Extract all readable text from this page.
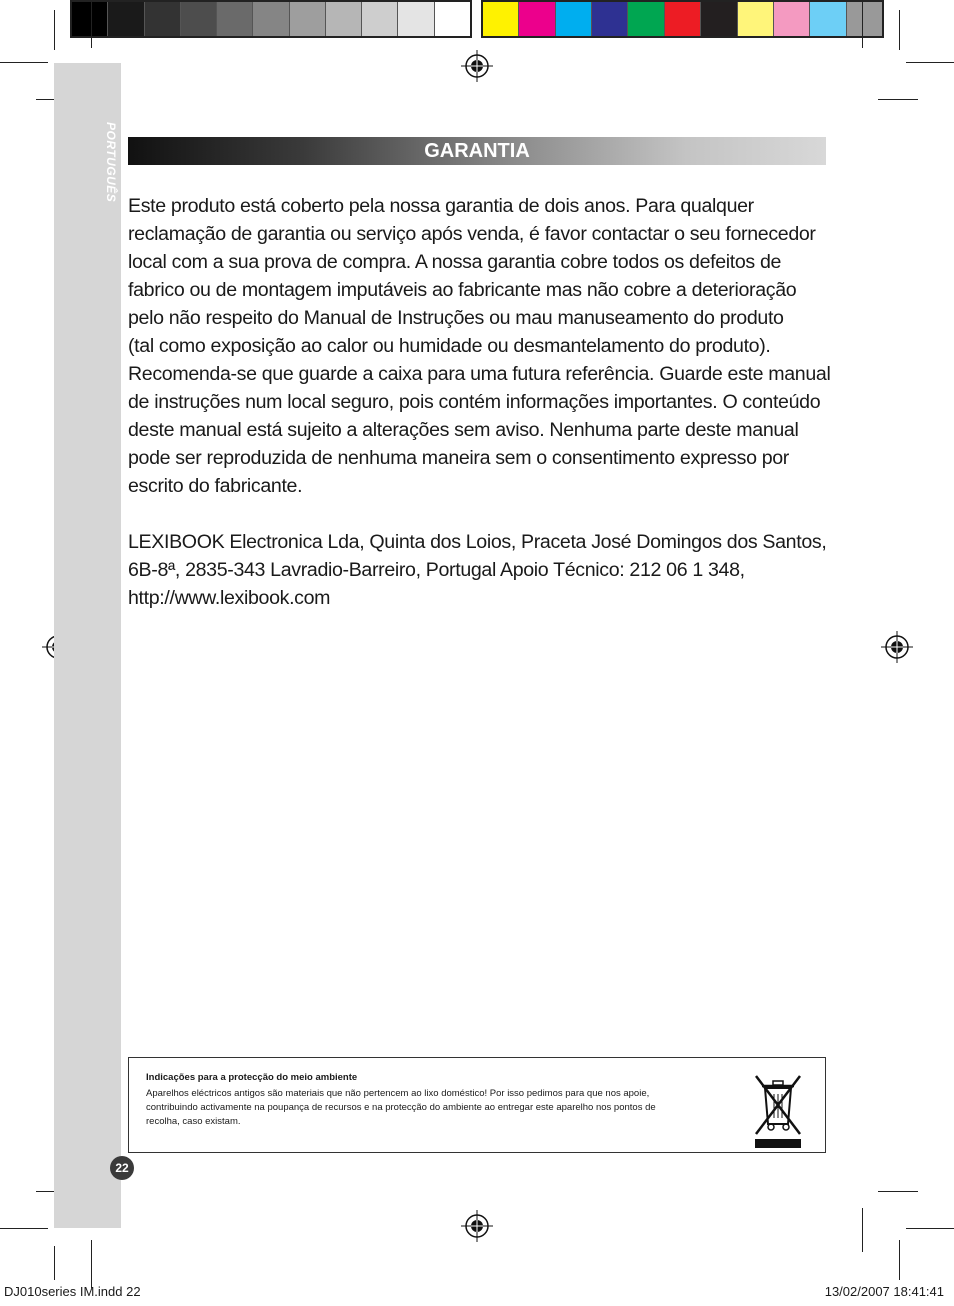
PORTUGUÊS	GARANTIA

Este produto está coberto pela nossa garantia de dois anos. Para qualquer
reclamação de garantia ou serviço após venda, é favor contactar o seu fornecedor
local com a sua prova de compra. A nossa garantia cobre todos os defeitos de
fabrico ou de montagem imputáveis ao fabricante mas não cobre a deterioração
pelo não respeito do Manual de Instruções ou mau manuseamento do produto
(tal como exposição ao calor ou humidade ou desmantelamento do produto).
Recomenda-se que guarde a caixa para uma futura referência. Guarde este manual
de instruções num local seguro, pois contém informações importantes. O conteúdo
deste manual está sujeito a alterações sem aviso. Nenhuma parte deste manual
pode ser reproduzida de nenhuma maneira sem o consentimento expresso por
escrito do fabricante.

LEXIBOOK Electronica Lda, Quinta dos Loios, Praceta José Domingos dos Santos,
6B-8ª, 2835-343 Lavradio-Barreiro, Portugal Apoio Técnico: 212 06 1 348,
http://www.lexibook.com

Indicações para a protecção do meio ambiente
Aparelhos eléctricos antigos são materiais que não pertencem ao lixo doméstico! Por isso pedimos para que nos apoie,
contribuindo activamente na poupança de recursos e na protecção do ambiente ao entregar este aparelho nos pontos de
recolha, caso existam.
22
DJ010series IM.indd 22	13/02/2007 18:41:41
